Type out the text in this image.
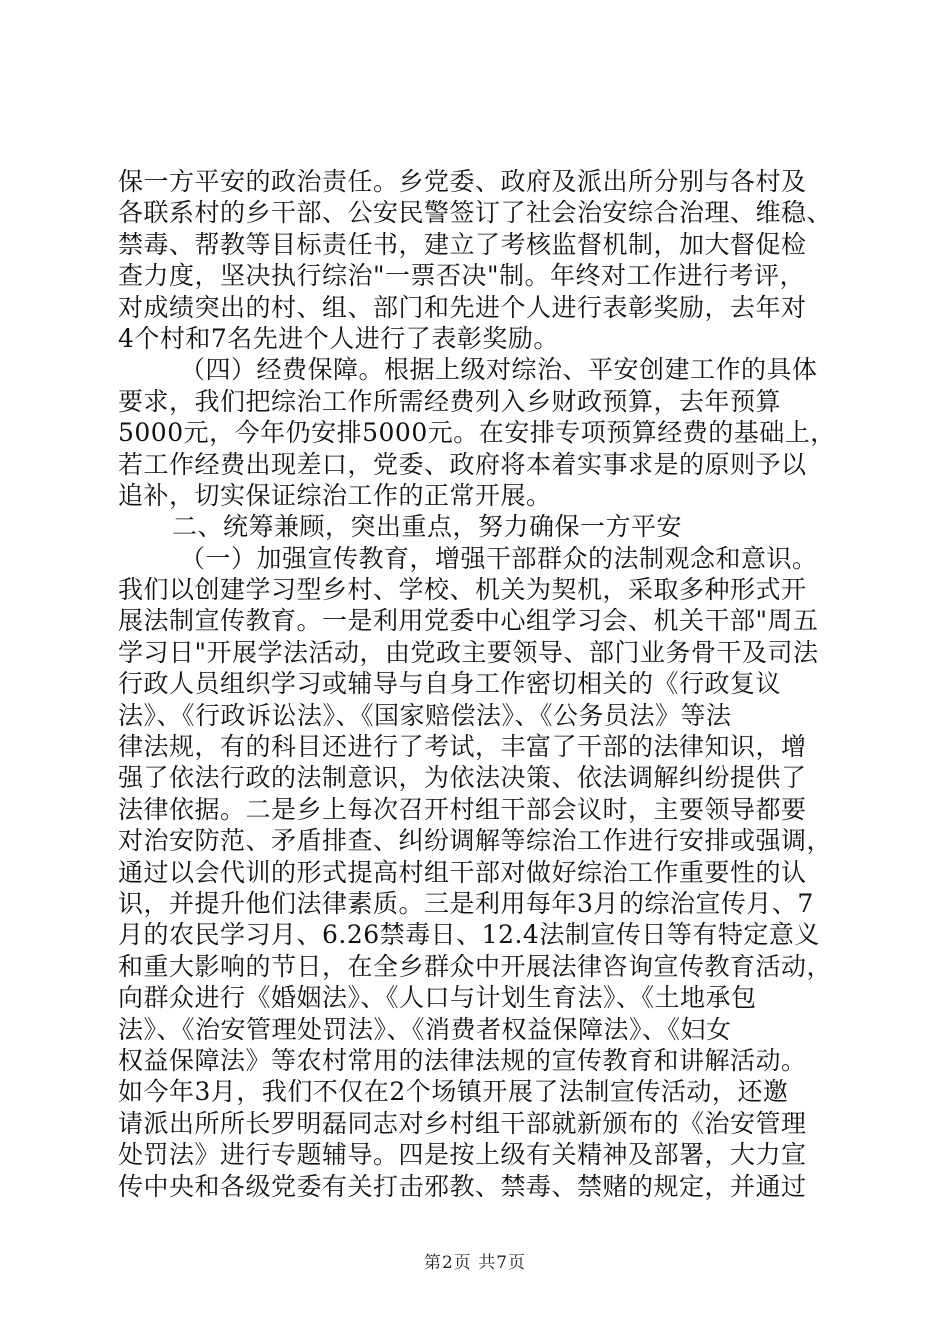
保一方平安的政治责任。乡党委、政府及派出所分别与各村及
各联系村的乡干部、公安民警签订了社会治安综合治理、维稳、
禁毒、帮教等目标责任书，建立了考核监督机制，加大督促检
查力度，坚决执行综治"一票否决"制。年终对工作进行考评，
对成绩突出的村、组、部门和先进个人进行表彰奖励，去年对
4个村和7名先进个人进行了表彰奖励。
（四）经费保障。根据上级对综治、平安创建工作的具体
要求，我们把综治工作所需经费列入乡财政预算，去年预算
5000元，今年仍安排5000元。在安排专项预算经费的基础上，
若工作经费出现差口，党委、政府将本着实事求是的原则予以
追补，切实保证综治工作的正常开展。
二、统筹兼顾，突出重点，努力确保一方平安
（一）加强宣传教育，增强干部群众的法制观念和意识。
我们以创建学习型乡村、学校、机关为契机，采取多种形式开
展法制宣传教育。一是利用党委中心组学习会、机关干部"周五
学习日"开展学法活动，由党政主要领导、部门业务骨干及司法
行政人员组织学习或辅导与自身工作密切相关的《行政复议
法》、《行政诉讼法》、《国家赔偿法》、《公务员法》等法
律法规，有的科目还进行了考试，丰富了干部的法律知识，增
强了依法行政的法制意识，为依法决策、依法调解纠纷提供了
法律依据。二是乡上每次召开村组干部会议时，主要领导都要
对治安防范、矛盾排查、纠纷调解等综治工作进行安排或强调，
通过以会代训的形式提高村组干部对做好综治工作重要性的认
识，并提升他们法律素质。三是利用每年3月的综治宣传月、7
月的农民学习月、6.26禁毒日、12.4法制宣传日等有特定意义
和重大影响的节日，在全乡群众中开展法律咨询宣传教育活动，
向群众进行《婚姻法》、《人口与计划生育法》、《土地承包
法》、《治安管理处罚法》、《消费者权益保障法》、《妇女
权益保障法》等农村常用的法律法规的宣传教育和讲解活动。
如今年3月，我们不仅在2个场镇开展了法制宣传活动，还邀
请派出所所长罗明磊同志对乡村组干部就新颁布的《治安管理
处罚法》进行专题辅导。四是按上级有关精神及部署，大力宣
传中央和各级党委有关打击邪教、禁毒、禁赌的规定，并通过
第2页 共7页
